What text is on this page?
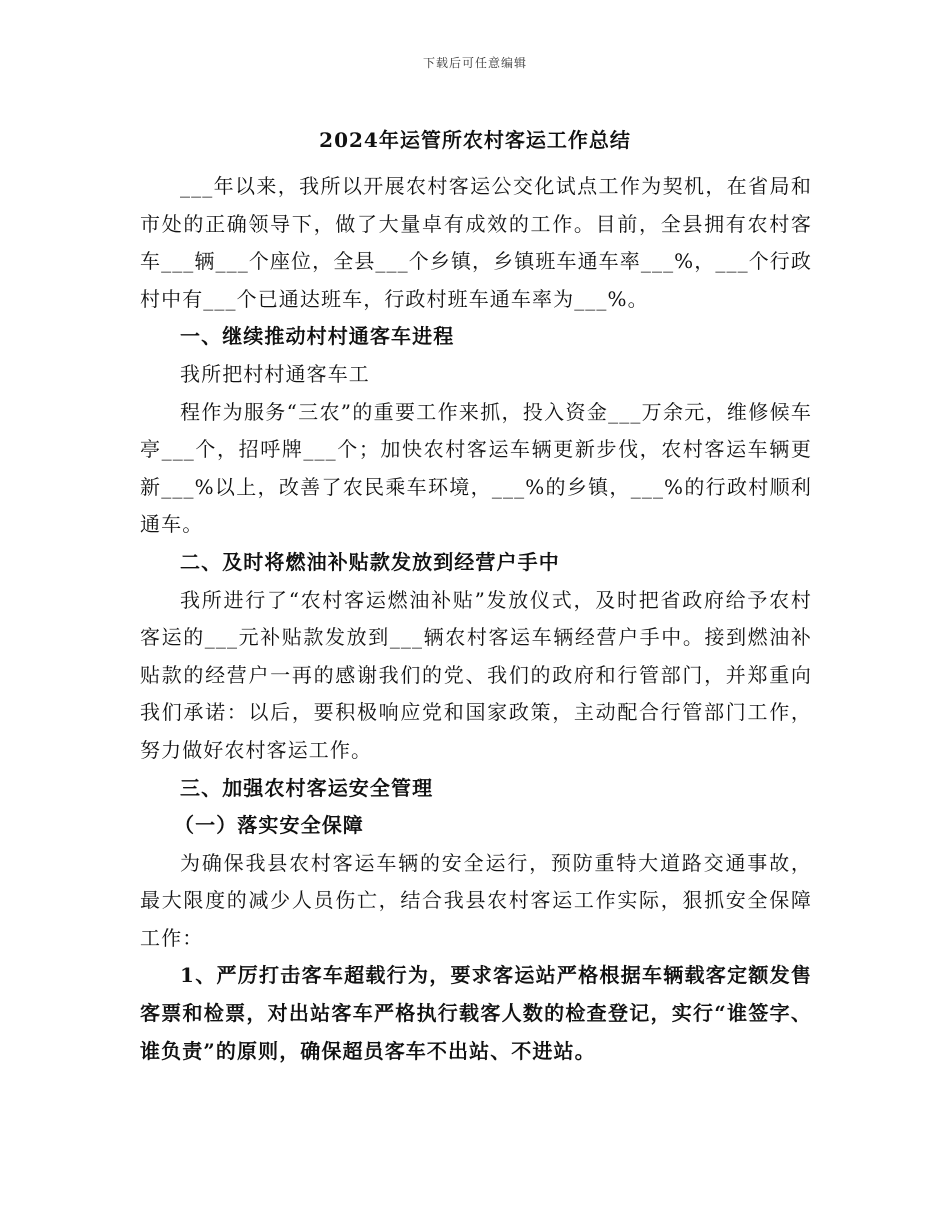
下载后可任意编辑
2024年运管所农村客运工作总结

___年以来，我所以开展农村客运公交化试点工作为契机，在省局和市处的正确领导下，做了大量卓有成效的工作。目前，全县拥有农村客车___辆___个座位，全县___个乡镇，乡镇班车通车率___%，___个行政村中有___个已通达班车，行政村班车通车率为___%。

一、继续推动村村通客车进程

我所把村村通客车工

程作为服务“三农”的重要工作来抓，投入资金___万余元，维修候车亭___个，招呼牌___个；加快农村客运车辆更新步伐，农村客运车辆更新___%以上，改善了农民乘车环境，___%的乡镇，___%的行政村顺利通车。

二、及时将燃油补贴款发放到经营户手中

我所进行了“农村客运燃油补贴”发放仪式，及时把省政府给予农村客运的___元补贴款发放到___辆农村客运车辆经营户手中。接到燃油补贴款的经营户一再的感谢我们的党、我们的政府和行管部门，并郑重向我们承诺：以后，要积极响应党和国家政策，主动配合行管部门工作，努力做好农村客运工作。

三、加强农村客运安全管理

（一）落实安全保障

为确保我县农村客运车辆的安全运行，预防重特大道路交通事故，最大限度的减少人员伤亡，结合我县农村客运工作实际，狠抓安全保障工作：

1、严厉打击客车超载行为，要求客运站严格根据车辆载客定额发售客票和检票，对出站客车严格执行载客人数的检查登记，实行“谁签字、谁负责”的原则，确保超员客车不出站、不进站。
